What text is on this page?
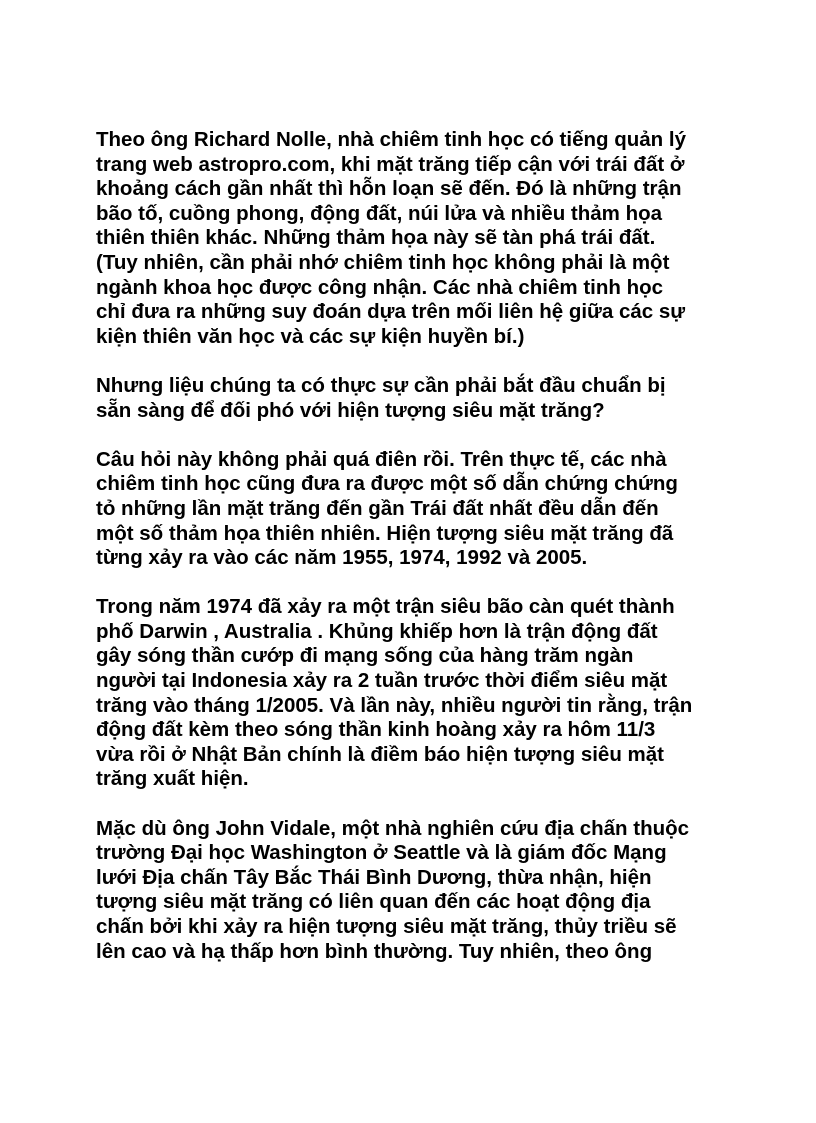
Theo ông Richard Nolle, nhà chiêm tinh học có tiếng quản lý
trang web astropro.com, khi mặt trăng tiếp cận với trái đất ở
khoảng cách gần nhất thì hỗn loạn sẽ đến. Đó là những trận
bão tố, cuồng phong, động đất, núi lửa và nhiều thảm họa
thiên thiên khác. Những thảm họa này sẽ tàn phá trái đất.
(Tuy nhiên, cần phải nhớ chiêm tinh học không phải là một
ngành khoa học được công nhận. Các nhà chiêm tinh học
chỉ đưa ra những suy đoán dựa trên mối liên hệ giữa các sự
kiện thiên văn học và các sự kiện huyền bí.)

Nhưng liệu chúng ta có thực sự cần phải bắt đầu chuẩn bị
sẵn sàng để đối phó với hiện tượng siêu mặt trăng?

Câu hỏi này không phải quá điên rồi. Trên thực tế, các nhà
chiêm tinh học cũng đưa ra được một số dẫn chứng chứng
tỏ những lần mặt trăng đến gần Trái đất nhất đều dẫn đến
một số thảm họa thiên nhiên. Hiện tượng siêu mặt trăng đã
từng xảy ra vào các năm 1955, 1974, 1992 và 2005.

Trong năm 1974 đã xảy ra một trận siêu bão càn quét thành
phố Darwin , Australia . Khủng khiếp hơn là trận động đất
gây sóng thần cướp đi mạng sống của hàng trăm ngàn
người tại Indonesia xảy ra 2 tuần trước thời điểm siêu mặt
trăng vào tháng 1/2005. Và lần này, nhiều người tin rằng, trận
động đất kèm theo sóng thần kinh hoàng xảy ra hôm 11/3
vừa rồi ở Nhật Bản chính là điềm báo hiện tượng siêu mặt
trăng xuất hiện.

Mặc dù ông John Vidale, một nhà nghiên cứu địa chấn thuộc
trường Đại học Washington ở Seattle và là giám đốc Mạng
lưới Địa chấn Tây Bắc Thái Bình Dương, thừa nhận, hiện
tượng siêu mặt trăng có liên quan đến các hoạt động địa
chấn bởi khi xảy ra hiện tượng siêu mặt trăng, thủy triều sẽ
lên cao và hạ thấp hơn bình thường. Tuy nhiên, theo ông
